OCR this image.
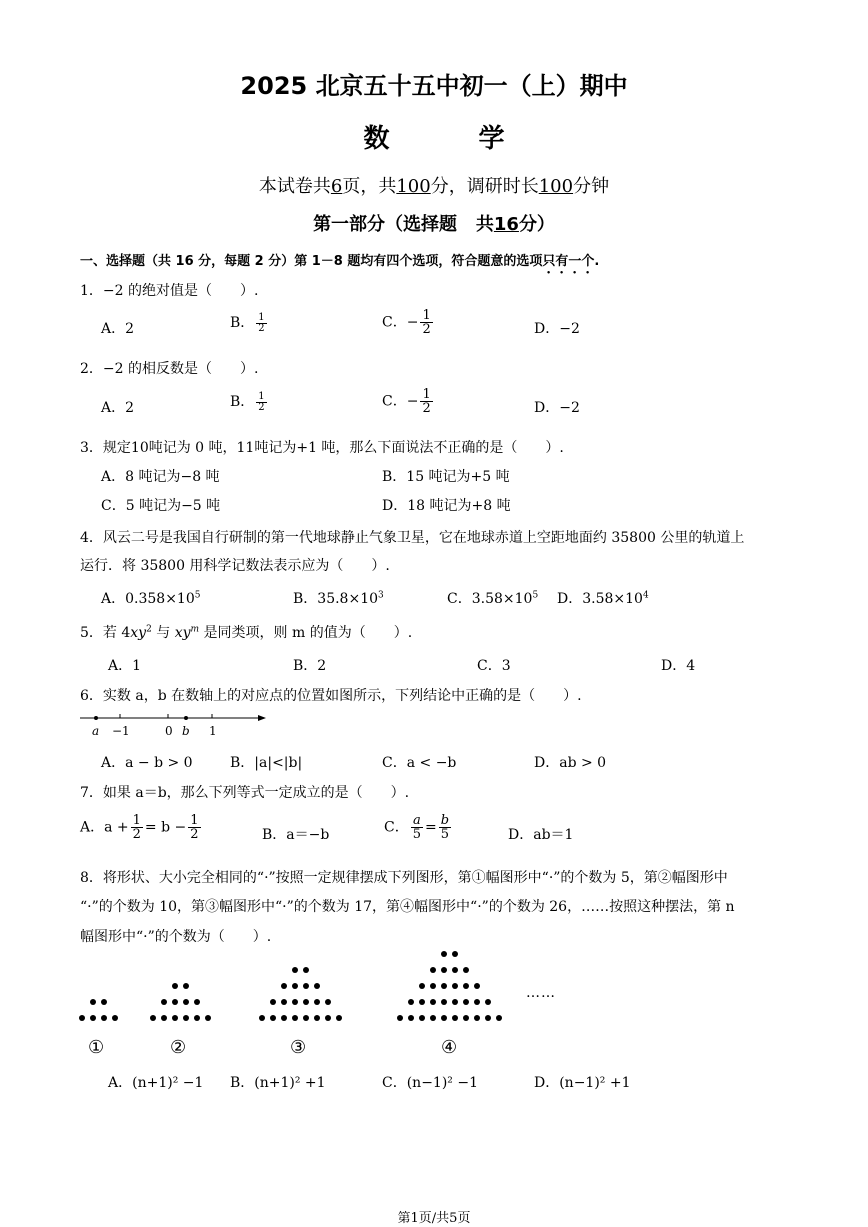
2025 北京五十五中初一（上）期中
数 学
本试卷共6页，共100分，调研时长100分钟
第一部分（选择题 共16分）
一、选择题（共 16 分，每题 2 分）第 1－8 题均有四个选项，符合题意的选项只有一个.
1．−2 的绝对值是（　　）.
A．2	B． $\frac{1}{2}$	C．− $\frac{1}{2}$	D．−2
2．−2 的相反数是（　　）.
A．2	B． $\frac{1}{2}$	C．− $\frac{1}{2}$	D．−2
3．规定10吨记为 0 吨，11吨记为+1 吨，那么下面说法不正确的是（　　）.
A．8 吨记为−8 吨	B．15 吨记为+5 吨
C．5 吨记为−5 吨	D．18 吨记为+8 吨
4．风云二号是我国自行研制的第一代地球静止气象卫星，它在地球赤道上空距地面约 35800 公里的轨道上
运行．将 35800 用科学记数法表示应为（　　）.
A．$0.358\times 10^5$	B．$35.8\times 10^3$	C．$3.58\times 10^5$ D．$3.58\times 10^4$
5．若 $4xy^2$ 与 $xy^m$ 是同类项，则 m 的值为（　　）.
A．1	B．2	C．3	D．4
6．实数 a，b 在数轴上的对应点的位置如图所示，下列结论中正确的是（　　）.
a −1	0 b 1
A．a − b > 0	B．|a|<|b|	C．a < −b	D．ab > 0
7．如果 a＝b，那么下列等式一定成立的是（　　）.
A．$a + \frac{1}{2} = b - \frac{1}{2}$	B．a＝−b	C． $\frac{a}{5} = \frac{b}{5}$	D．ab＝1
8．将形状、大小完全相同的“·”按照一定规律摆成下列图形，第①幅图形中“·”的个数为 5，第②幅图形中
“·”的个数为 10，第③幅图形中“·”的个数为 17，第④幅图形中“·”的个数为 26，……按照这种摆法，第 n
幅图形中“·”的个数为（　　）.
……
①	②	③	④
A．(n+1)² −1 B．(n+1)² +1	C．(n−1)² −1	D．(n−1)² +1
第1页/共5页
